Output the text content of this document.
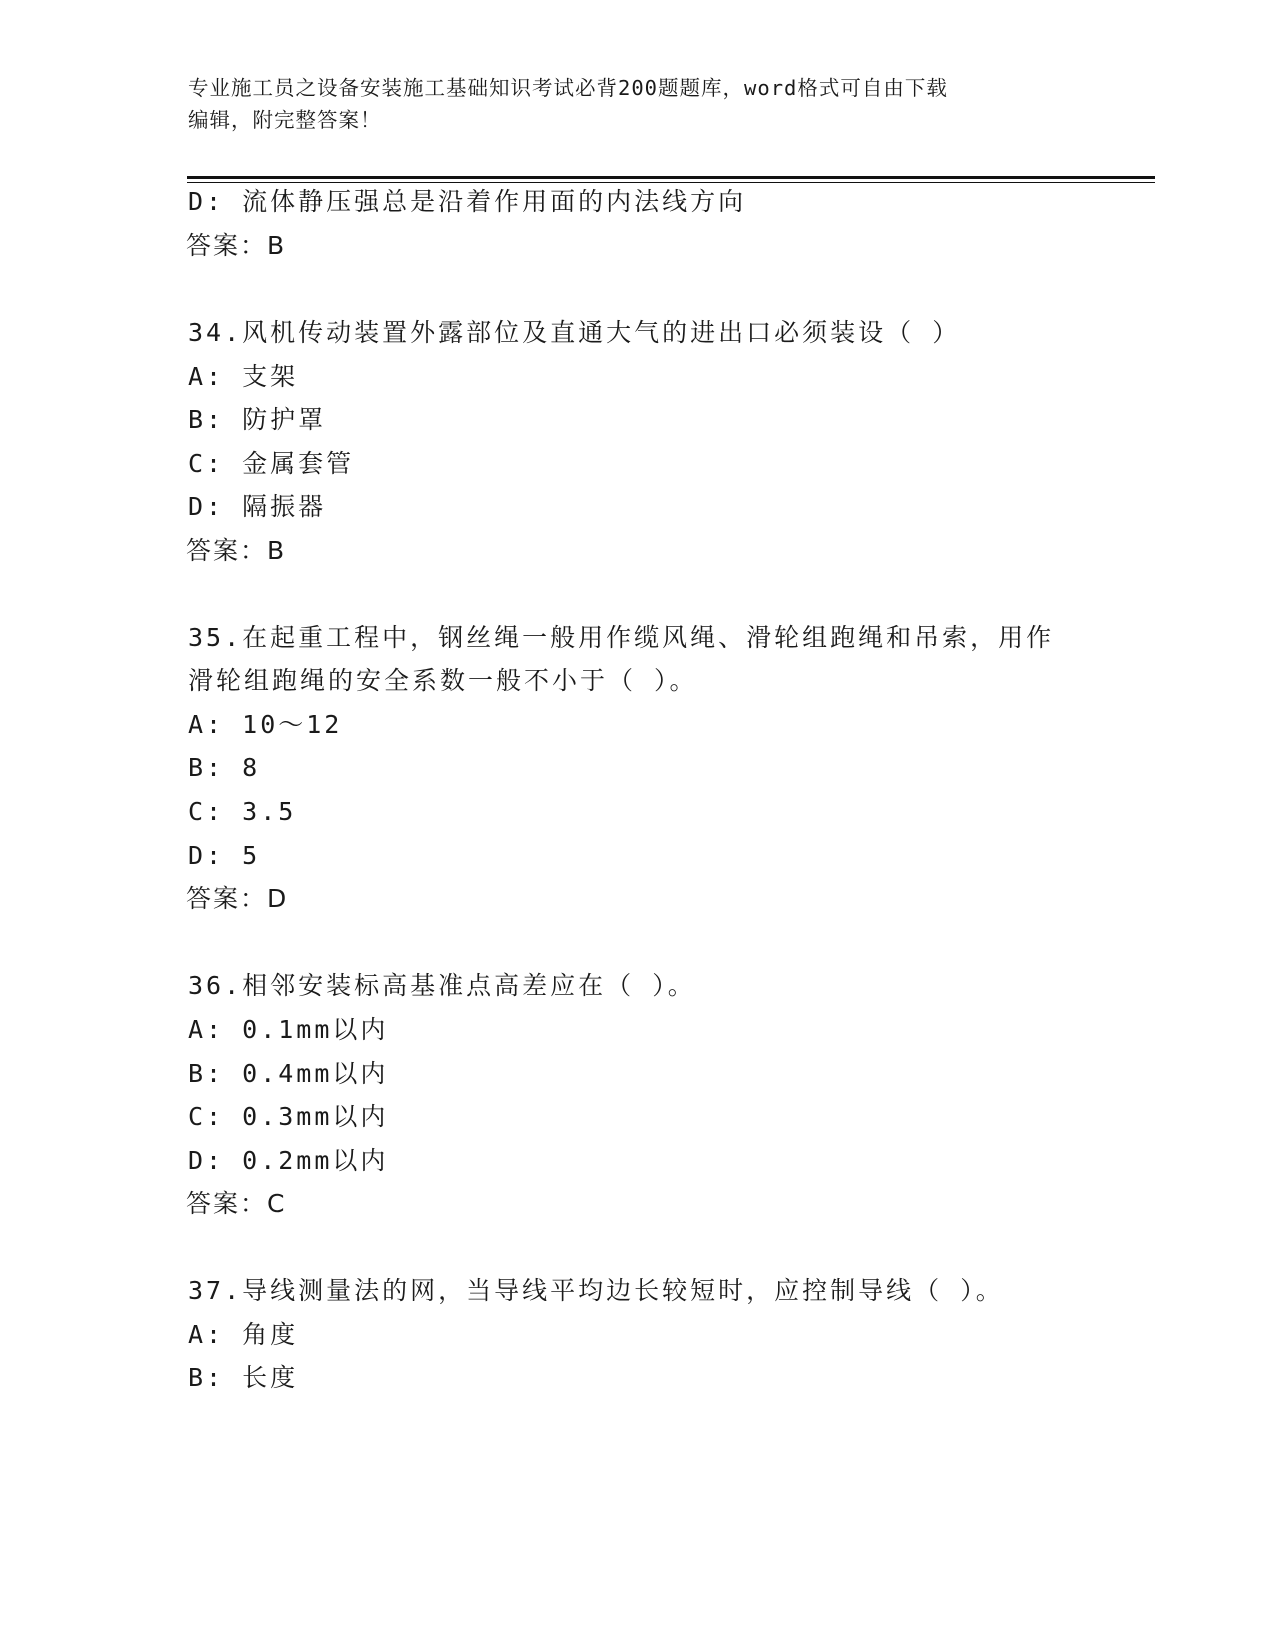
专业施工员之设备安装施工基础知识考试必背200题题库，word格式可自由下载
编辑，附完整答案！
D: 流体静压强总是沿着作用面的内法线方向
答案：B
34.风机传动装置外露部位及直通大气的进出口必须装设（ ）
A: 支架
B: 防护罩
C: 金属套管
D: 隔振器
答案：B
35.在起重工程中，钢丝绳一般用作缆风绳、滑轮组跑绳和吊索，用作
滑轮组跑绳的安全系数一般不小于（ ）。
A: 10～12
B: 8
C: 3.5
D: 5
答案：D
36.相邻安装标高基准点高差应在（ ）。
A: 0.1mm以内
B: 0.4mm以内
C: 0.3mm以内
D: 0.2mm以内
答案：C
37.导线测量法的网，当导线平均边长较短时，应控制导线（ ）。
A: 角度
B: 长度
